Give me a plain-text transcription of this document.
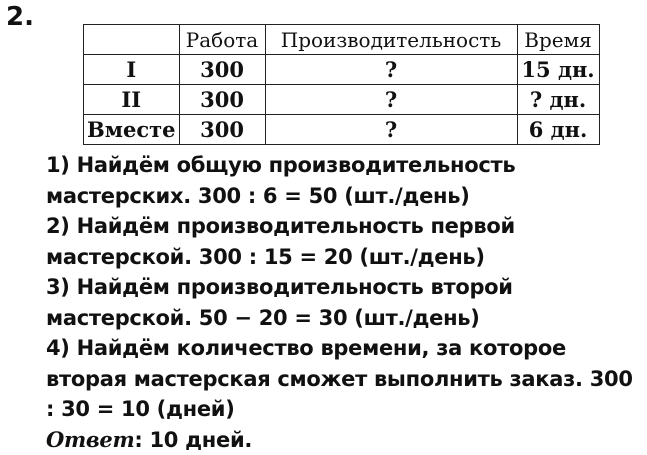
2.
	Работа	Производительность	Время
I	300	?	15 дн.
II	300	?	? дн.
Вместе	300	?	6 дн.

1) Найдём общую производительность мастерских. 300 : 6 = 50 (шт./день)

2) Найдём производительность первой мастерской. 300 : 15 = 20 (шт./день)

3) Найдём производительность второй мастерской. 50 − 20 = 30 (шт./день)

4) Найдём количество времени, за которое вторая мастерская сможет выполнить заказ. 300 : 30 = 10 (дней)

Ответ: 10 дней.
